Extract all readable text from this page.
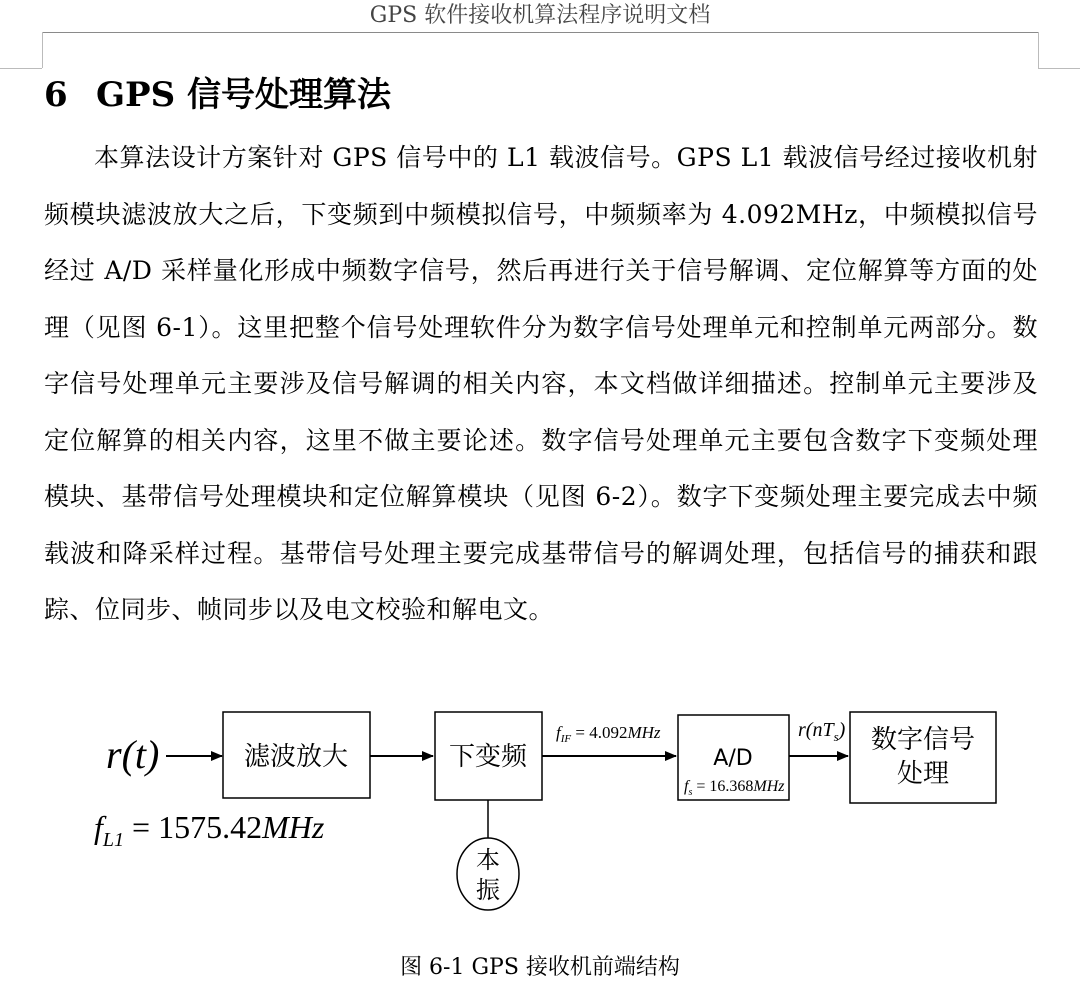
GPS 软件接收机算法程序说明文档
6 GPS 信号处理算法

本算法设计方案针对 GPS 信号中的 L1 载波信号。GPS L1 载波信号经过接收机射频模块滤波放大之后，下变频到中频模拟信号，中频频率为 4.092MHz，中频模拟信号经过 A/D 采样量化形成中频数字信号，然后再进行关于信号解调、定位解算等方面的处理（见图 6-1）。这里把整个信号处理软件分为数字信号处理单元和控制单元两部分。数字信号处理单元主要涉及信号解调的相关内容，本文档做详细描述。控制单元主要涉及定位解算的相关内容，这里不做主要论述。数字信号处理单元主要包含数字下变频处理模块、基带信号处理模块和定位解算模块（见图 6-2）。数字下变频处理主要完成去中频载波和降采样过程。基带信号处理主要完成基带信号的解调处理，包括信号的捕获和跟踪、位同步、帧同步以及电文校验和解电文。

r(t)
$f_{L1} = 1575.42MHz$
滤波放大	下变频
本
振
$f_{IF} = 4.092MHz$
A/D
$f_s = 16.368MHz$
$r(nT_s)$ 数字信号
处理
图 6-1 GPS 接收机前端结构
